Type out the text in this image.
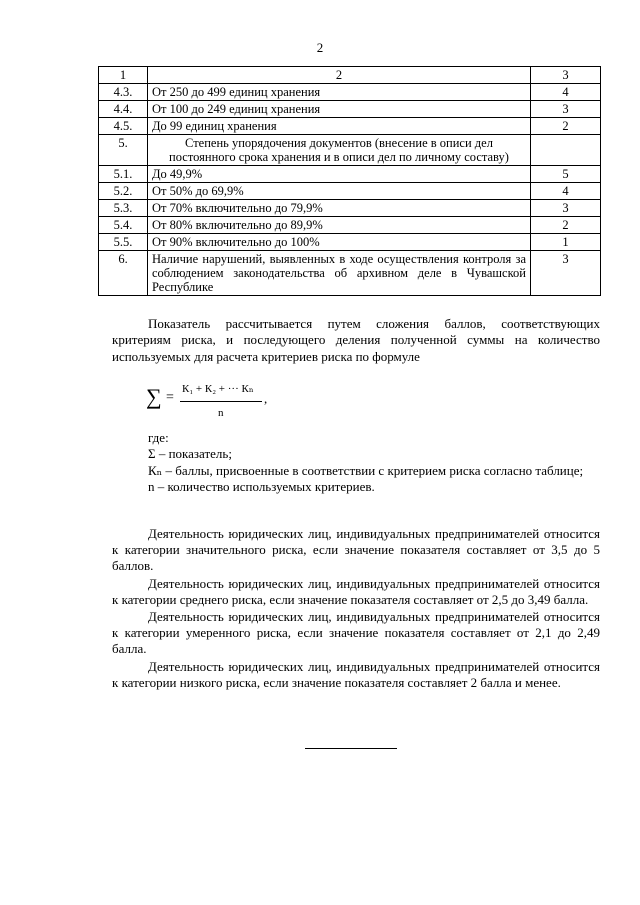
2
1	2	3
4.3.	От 250 до 499 единиц хранения	4
4.4.	От 100 до 249 единиц хранения	3
4.5.	До 99 единиц хранения	2
5.	Степень упорядочения документов (внесение в описи дел постоянного срока хранения и в описи дел по личному составу)	
5.1.	До 49,9%	5
5.2.	От 50% до 69,9%	4
5.3.	От 70% включительно до 79,9%	3
5.4.	От 80% включительно до 89,9%	2
5.5.	От 90% включительно до 100%	1
6.	Наличие нарушений, выявленных в ходе осуществления контроля за соблюдением законодательства об архивном деле в Чувашской Республике	3

Показатель рассчитывается путем сложения баллов, соответствующих критериям риска, и последующего деления полученной суммы на количество используемых для расчета критериев риска по формуле

∑ =
К₁ + К₂ + ··· Кₙ
,
n

где:

Σ – показатель;

Кₙ – баллы, присвоенные в соответствии с критерием риска согласно таблице;

n – количество используемых критериев.

Деятельность юридических лиц, индивидуальных предпринимателей относится к категории значительного риска, если значение показателя составляет от 3,5 до 5 баллов.

Деятельность юридических лиц, индивидуальных предпринимателей относится к категории среднего риска, если значение показателя составляет от 2,5 до 3,49 балла.

Деятельность юридических лиц, индивидуальных предпринимателей относится к категории умеренного риска, если значение показателя составляет от 2,1 до 2,49 балла.

Деятельность юридических лиц, индивидуальных предпринимателей относится к категории низкого риска, если значение показателя составляет 2 балла и менее.
